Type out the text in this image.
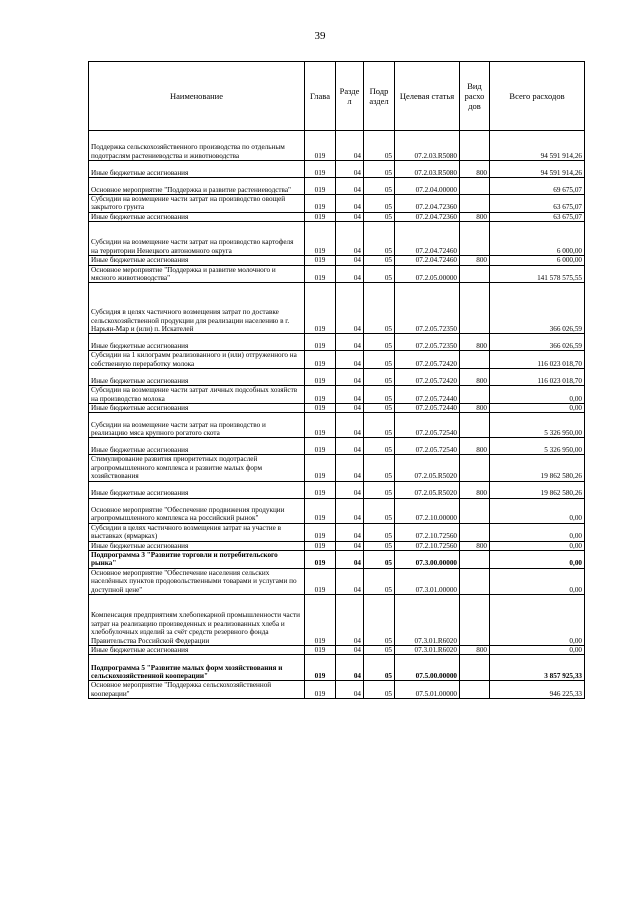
39
Наименование	Глава	Разде л	Подр аздел	Целевая статья	Вид расхо дов	Всего расходов
Поддержка сельскохозяйственного производства по отдельным подотраслям растениеводства и животноводства	019	04	05	07.2.03.R5080		94 591 914,26
Иные бюджетные ассигнования	019	04	05	07.2.03.R5080	800	94 591 914,26
Основное мероприятие "Поддержка и развитие растениеводства"	019	04	05	07.2.04.00000		69 675,07
Субсидии на возмещение части затрат на производство овощей закрытого грунта	019	04	05	07.2.04.72360		63 675,07
Иные бюджетные ассигнования	019	04	05	07.2.04.72360	800	63 675,07
Субсидии на возмещение части затрат на производство картофеля на территории Ненецкого автономного округа	019	04	05	07.2.04.72460		6 000,00
Иные бюджетные ассигнования	019	04	05	07.2.04.72460	800	6 000,00
Основное мероприятие "Поддержка и развитие молочного и мясного животноводства"	019	04	05	07.2.05.00000		141 578 575,55
Субсидия в целях частичного возмещения затрат по доставке сельскохозяйственной продукции для реализации населению в г. Нарьян-Мар и (или) п. Искателей	019	04	05	07.2.05.72350		366 026,59
Иные бюджетные ассигнования	019	04	05	07.2.05.72350	800	366 026,59
Субсидии на 1 килограмм реализованного и (или) отгруженного на собственную переработку молока	019	04	05	07.2.05.72420		116 023 018,70
Иные бюджетные ассигнования	019	04	05	07.2.05.72420	800	116 023 018,70
Субсидии на возмещение части затрат личных подсобных хозяйств на производство молока	019	04	05	07.2.05.72440		0,00
Иные бюджетные ассигнования	019	04	05	07.2.05.72440	800	0,00
Субсидии на возмещение части затрат на производство и реализацию мяса крупного рогатого скота	019	04	05	07.2.05.72540		5 326 950,00
Иные бюджетные ассигнования	019	04	05	07.2.05.72540	800	5 326 950,00
Стимулирование развития приоритетных подотраслей агропромышленного комплекса и развитие малых форм хозяйствования	019	04	05	07.2.05.R5020		19 862 580,26
Иные бюджетные ассигнования	019	04	05	07.2.05.R5020	800	19 862 580,26
Основное мероприятие "Обеспечение продвижения продукции агропромышленного комплекса на российский рынок"	019	04	05	07.2.10.00000		0,00
Субсидии в целях частичного возмещения затрат на участие в выставках (ярмарках)	019	04	05	07.2.10.72560		0,00
Иные бюджетные ассигнования	019	04	05	07.2.10.72560	800	0,00
Подпрограмма 3 "Развитие торговли и потребительского рынка"	019	04	05	07.3.00.00000		0,00
Основное мероприятие "Обеспечение населения сельских населённых пунктов продовольственными товарами и услугами по доступной цене"	019	04	05	07.3.01.00000		0,00
Компенсация предприятиям хлебопекарной промышленности части затрат на реализацию произведенных и реализованных хлеба и хлебобулочных изделий за счёт средств резервного фонда Правительства Российской Федерации	019	04	05	07.3.01.R6020		0,00
Иные бюджетные ассигнования	019	04	05	07.3.01.R6020	800	0,00
Подпрограмма 5 "Развитие малых форм хозяйствования и сельскохозяйственной кооперации"	019	04	05	07.5.00.00000		3 857 925,33
Основное мероприятие "Поддержка сельскохозяйственной кооперации"	019	04	05	07.5.01.00000		946 225,33
